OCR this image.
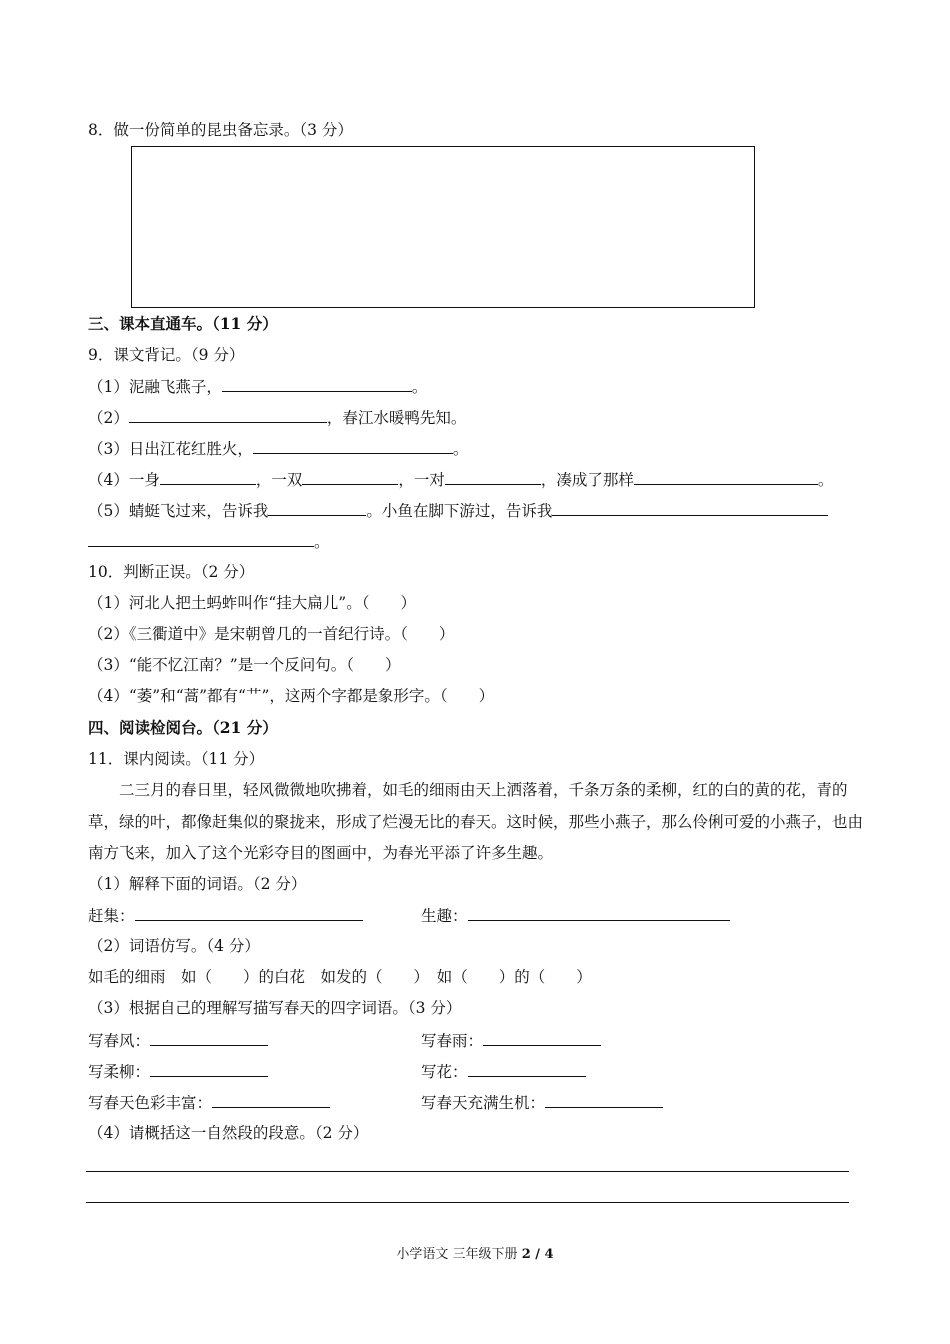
8．做一份简单的昆虫备忘录。（3 分）
三、课本直通车。（11 分）
9．课文背记。（9 分）
（1）泥融飞燕子，	。
（2）	，春江水暖鸭先知。
（3）日出江花红胜火，	。
（4）一身	，一双	，一对	，凑成了那样	。
（5）蜻蜓飞过来，告诉我	。小鱼在脚下游过，告诉我
。
10．判断正误。（2 分）
（1）河北人把土蚂蚱叫作“挂大扁儿”。（　　）
（2）《三衢道中》是宋朝曾几的一首纪行诗。（　　）
（3）“能不忆江南？”是一个反问句。（　　）
（4）“萎”和“蒿”都有“艹”，这两个字都是象形字。（　　）
四、阅读检阅台。（21 分）
11．课内阅读。（11 分）
二三月的春日里，轻风微微地吹拂着，如毛的细雨由天上洒落着，千条万条的柔柳，红的白的黄的花，青的草，绿的叶，都像赶集似的聚拢来，形成了烂漫无比的春天。这时候，那些小燕子，那么伶俐可爱的小燕子，也由南方飞来，加入了这个光彩夺目的图画中，为春光平添了许多生趣。
（1）解释下面的词语。（2 分）
赶集：	生趣：
（2）词语仿写。（4 分）
如毛的细雨　如（　　）的白花　如发的（　　）　如（　　）的（　　）
（3）根据自己的理解写描写春天的四字词语。（3 分）
写春风：	写春雨：
写柔柳：	写花：
写春天色彩丰富：	写春天充满生机：
（4）请概括这一自然段的段意。（2 分）
小学语文 三年级下册 2 / 4
